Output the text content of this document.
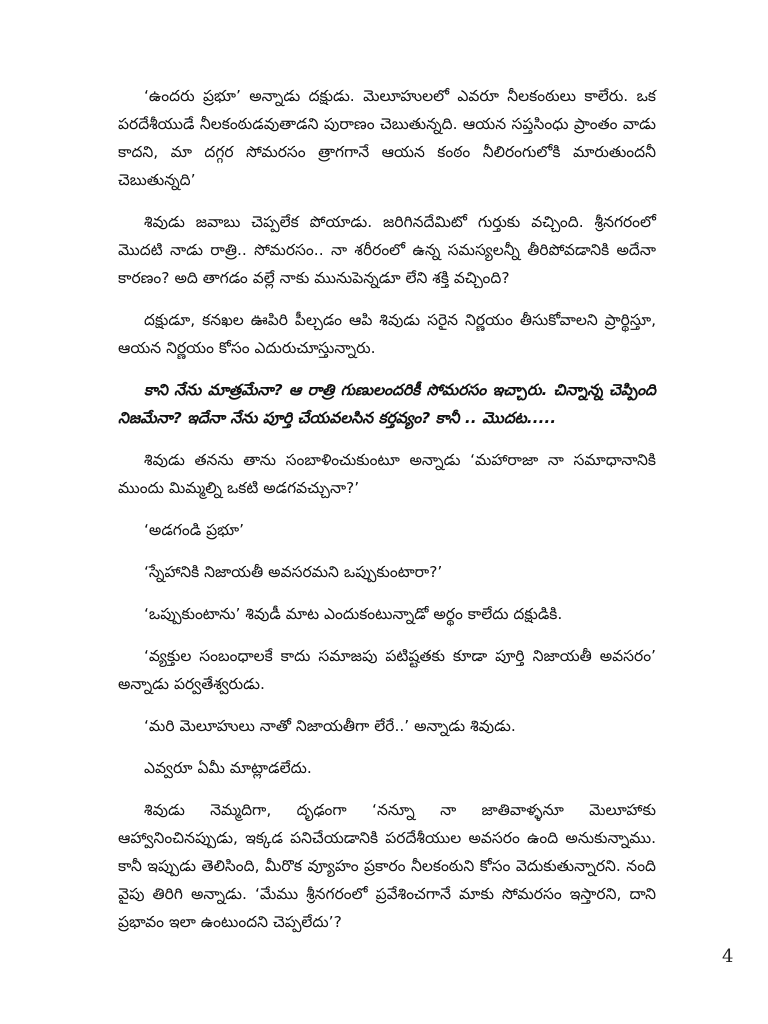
‘ఉందరు ప్రభూ’ అన్నాడు దక్షుడు. మెలూహులలో ఎవరూ నీలకంఠులు కాలేరు. ఒక పరదేశీయుడే నీలకంఠుడవుతాడని పురాణం చెబుతున్నది. ఆయన సప్తసింధు ప్రాంతం వాడు కాదని, మా దగ్గర సోమరసం త్రాగగానే ఆయన కంఠం నీలిరంగులోకి మారుతుందనీ చెబుతున్నది’

శివుడు జవాబు చెప్పలేక పోయాడు. జరిగినదేమిటో గుర్తుకు వచ్చింది. శ్రీనగరంలో మొదటి నాడు రాత్రి.. సోమరసం.. నా శరీరంలో ఉన్న సమస్యలన్నీ తీరిపోవడానికి అదేనా కారణం? అది తాగడం వల్లే నాకు మునుపెన్నడూ లేని శక్తి వచ్చింది?

దక్షుడూ, కనఖల ఊపిరి పీల్చడం ఆపి శివుడు సరైన నిర్ణయం తీసుకోవాలని ప్రార్థిస్తూ, ఆయన నిర్ణయం కోసం ఎదురుచూస్తున్నారు.

కాని నేను మాత్రమేనా? ఆ రాత్రి గుణులందరికీ సోమరసం ఇచ్చారు. చిన్నాన్న చెప్పింది నిజమేనా? ఇదేనా నేను పూర్తి చేయవలసిన కర్తవ్యం? కానీ .. మొదట.....

శివుడు తనను తాను సంబాళించుకుంటూ అన్నాడు ‘మహారాజా నా సమాధానానికి ముందు మిమ్మల్ని ఒకటి అడగవచ్చునా?’

‘అడగండి ప్రభూ’

‘స్నేహానికి నిజాయతీ అవసరమని ఒప్పుకుంటారా?’

‘ఒప్పుకుంటాను’ శివుడీ మాట ఎందుకంటున్నాడో అర్థం కాలేదు దక్షుడికి.

‘వ్యక్తుల సంబంధాలకే కాదు సమాజపు పటిష్టతకు కూడా పూర్తి నిజాయతీ అవసరం’ అన్నాడు పర్వతేశ్వరుడు.

‘మరి మెలూహులు నాతో నిజాయతీగా లేరే..’ అన్నాడు శివుడు.

ఎవ్వరూ ఏమీ మాట్లాడలేదు.

శివుడు నెమ్మదిగా, దృఢంగా ‘నన్నూ నా జాతివాళ్ళనూ మెలూహాకు ఆహ్వానించినప్పుడు, ఇక్కడ పనిచేయడానికి పరదేశీయుల అవసరం ఉంది అనుకున్నాము. కానీ ఇప్పుడు తెలిసింది, మీరొక వ్యూహం ప్రకారం నీలకంఠుని కోసం వెదుకుతున్నారని. నంది వైపు తిరిగి అన్నాడు. ‘మేము శ్రీనగరంలో ప్రవేశించగానే మాకు సోమరసం ఇస్తారని, దాని ప్రభావం ఇలా ఉంటుందని చెప్పలేదు’?

4
